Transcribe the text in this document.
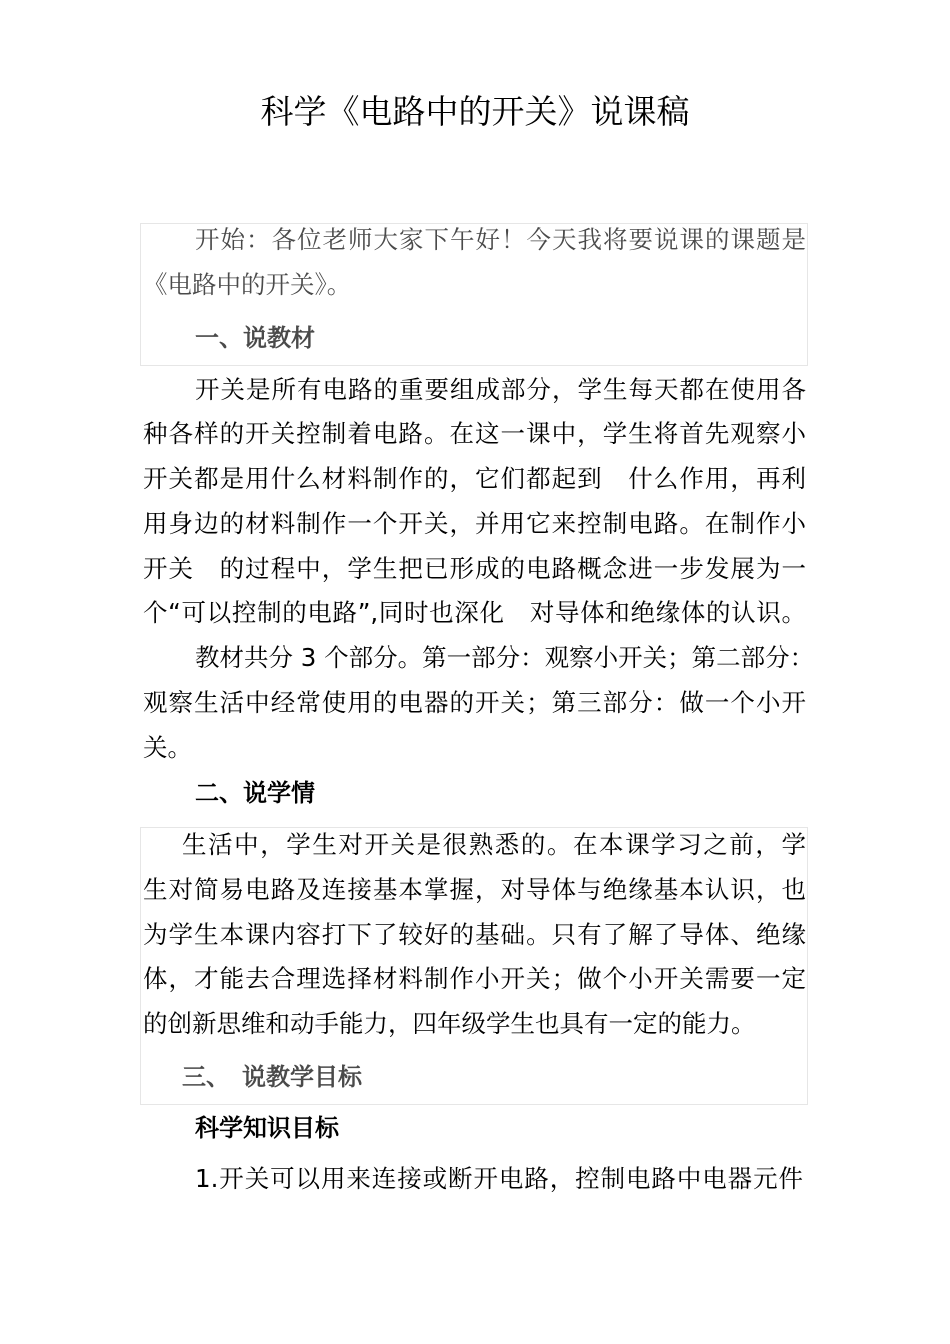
科学《电路中的开关》说课稿
开始：各位老师大家下午好！今天我将要说课的课题是
《电路中的开关》。
一、说教材
开关是所有电路的重要组成部分，学生每天都在使用各
种各样的开关控制着电路。在这一课中，学生将首先观察小
开关都是用什么材料制作的，它们都起到　什么作用，再利
用身边的材料制作一个开关，并用它来控制电路。在制作小
开关　的过程中，学生把已形成的电路概念进一步发展为一
个“可以控制的电路”,同时也深化　对导体和绝缘体的认识。
教材共分 3 个部分。第一部分：观察小开关；第二部分：
观察生活中经常使用的电器的开关；第三部分：做一个小开
关。
二、说学情
生活中，学生对开关是很熟悉的。在本课学习之前，学
生对简易电路及连接基本掌握，对导体与绝缘基本认识，也
为学生本课内容打下了较好的基础。只有了解了导体、绝缘
体，才能去合理选择材料制作小开关；做个小开关需要一定
的创新思维和动手能力，四年级学生也具有一定的能力。
三、　说教学目标
科学知识目标
1.开关可以用来连接或断开电路，控制电路中电器元件
